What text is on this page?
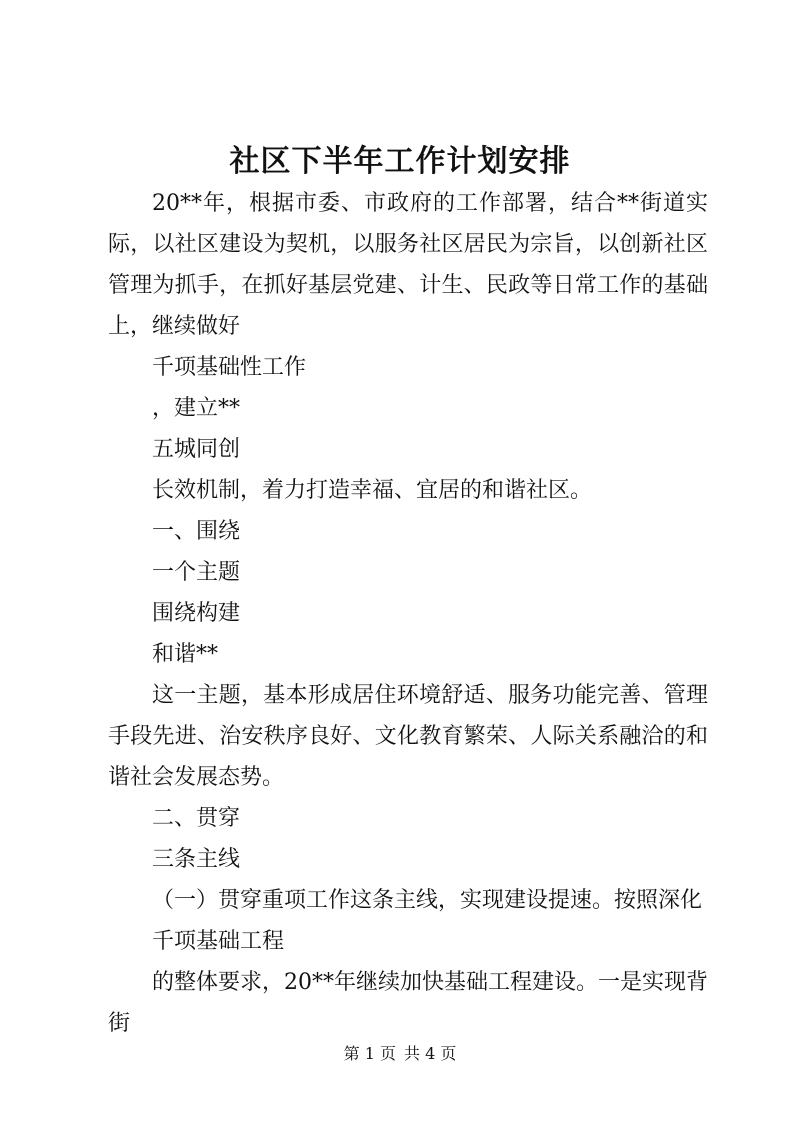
社区下半年工作计划安排

20**年，根据市委、市政府的工作部署，结合**街道实际，以社区建设为契机，以服务社区居民为宗旨，以创新社区管理为抓手，在抓好基层党建、计生、民政等日常工作的基础上，继续做好

千项基础性工作

，建立**

五城同创

长效机制，着力打造幸福、宜居的和谐社区。

一、围绕

一个主题

围绕构建

和谐**

这一主题，基本形成居住环境舒适、服务功能完善、管理手段先进、治安秩序良好、文化教育繁荣、人际关系融洽的和谐社会发展态势。

二、贯穿

三条主线

（一）贯穿重项工作这条主线，实现建设提速。按照深化

千项基础工程

的整体要求，20**年继续加快基础工程建设。一是实现背街

第 1 页 共 4 页
